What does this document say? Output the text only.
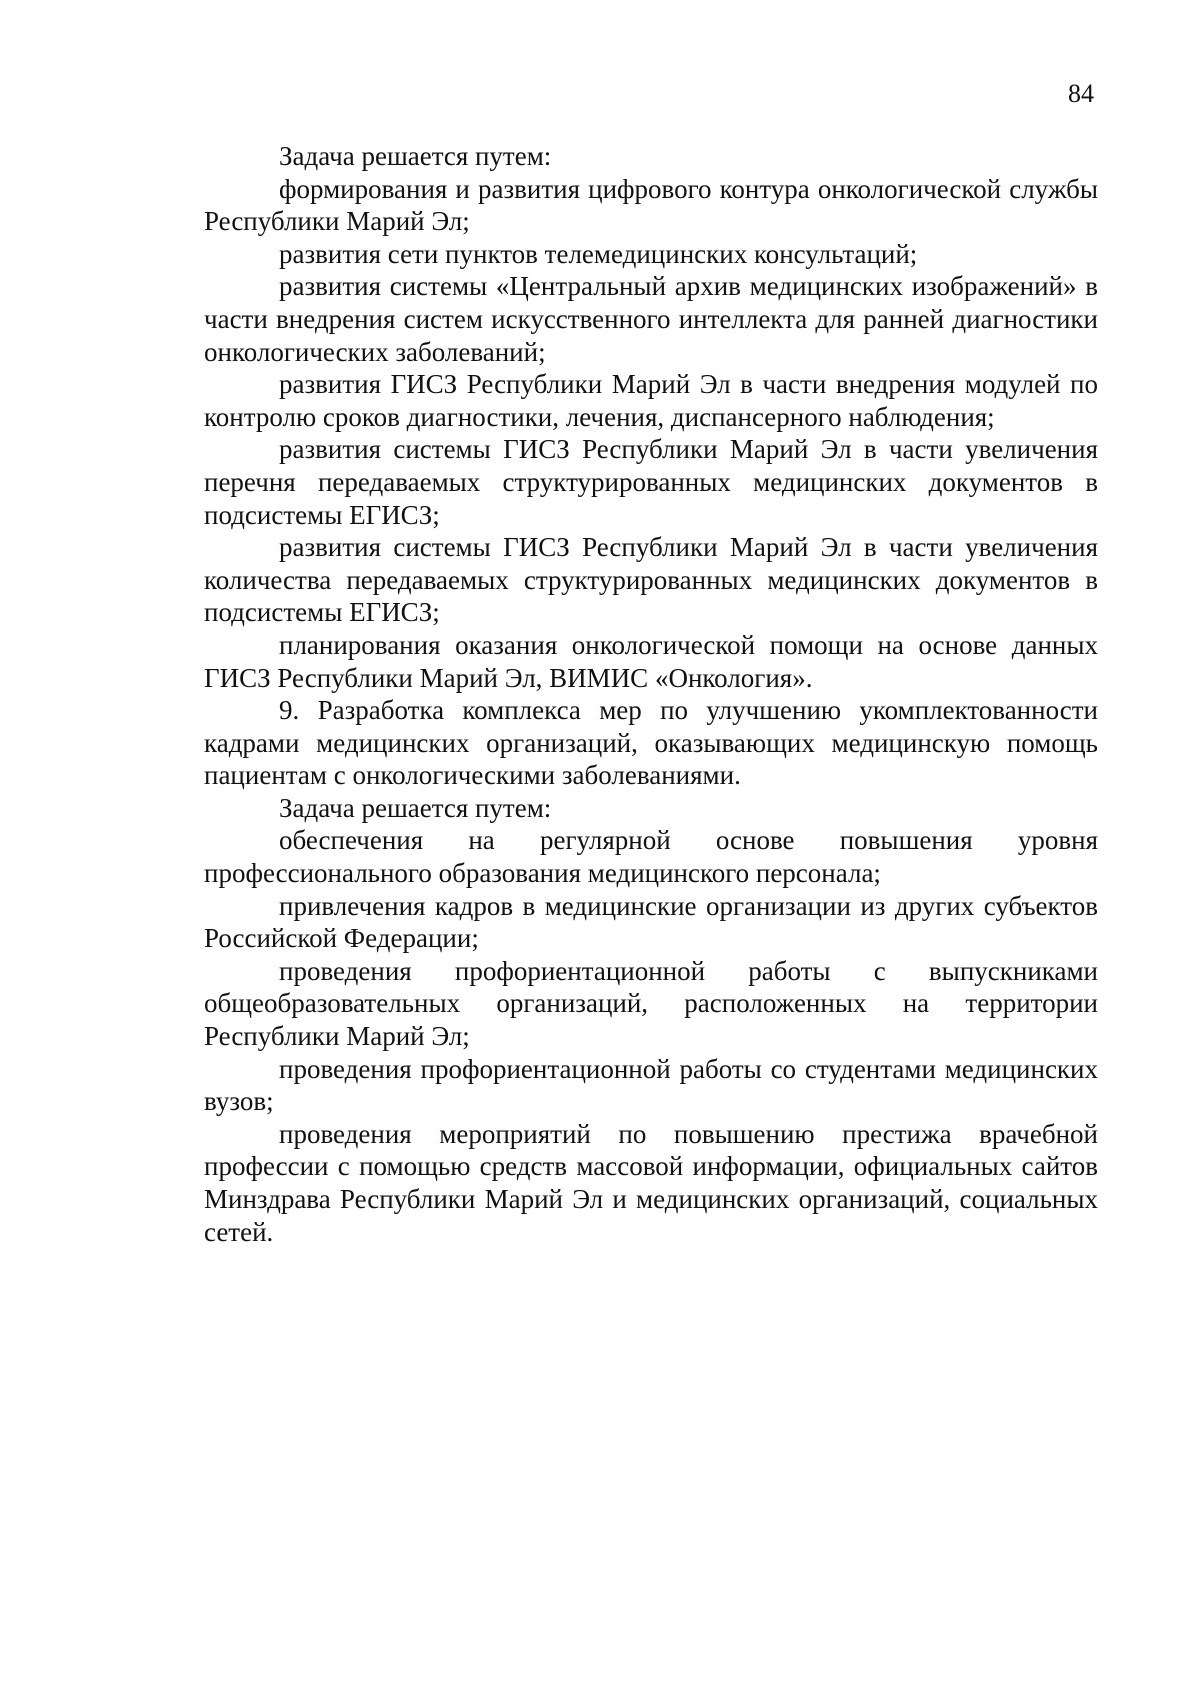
84

Задача решается путем:

формирования и развития цифрового контура онкологической службы Республики Марий Эл;

развития сети пунктов телемедицинских консультаций;

развития системы «Центральный архив медицинских изображений» в части внедрения систем искусственного интеллекта для ранней диагностики онкологических заболеваний;

развития ГИСЗ Республики Марий Эл в части внедрения модулей по контролю сроков диагностики, лечения, диспансерного наблюдения;

развития системы ГИСЗ Республики Марий Эл в части увеличения перечня передаваемых структурированных медицинских документов в подсистемы ЕГИСЗ;

развития системы ГИСЗ Республики Марий Эл в части увеличения количества передаваемых структурированных медицинских документов в подсистемы ЕГИСЗ;

планирования оказания онкологической помощи на основе данных ГИСЗ Республики Марий Эл, ВИМИС «Онкология».

9. Разработка комплекса мер по улучшению укомплектованности кадрами медицинских организаций, оказывающих медицинскую помощь пациентам с онкологическими заболеваниями.

Задача решается путем:

обеспечения на регулярной основе повышения уровня профессионального образования медицинского персонала;

привлечения кадров в медицинские организации из других субъектов Российской Федерации;

проведения профориентационной работы с выпускниками общеобразовательных организаций, расположенных на территории Республики Марий Эл;

проведения профориентационной работы со студентами медицинских вузов;

проведения мероприятий по повышению престижа врачебной профессии с помощью средств массовой информации, официальных сайтов Минздрава Республики Марий Эл и медицинских организаций, социальных сетей.
